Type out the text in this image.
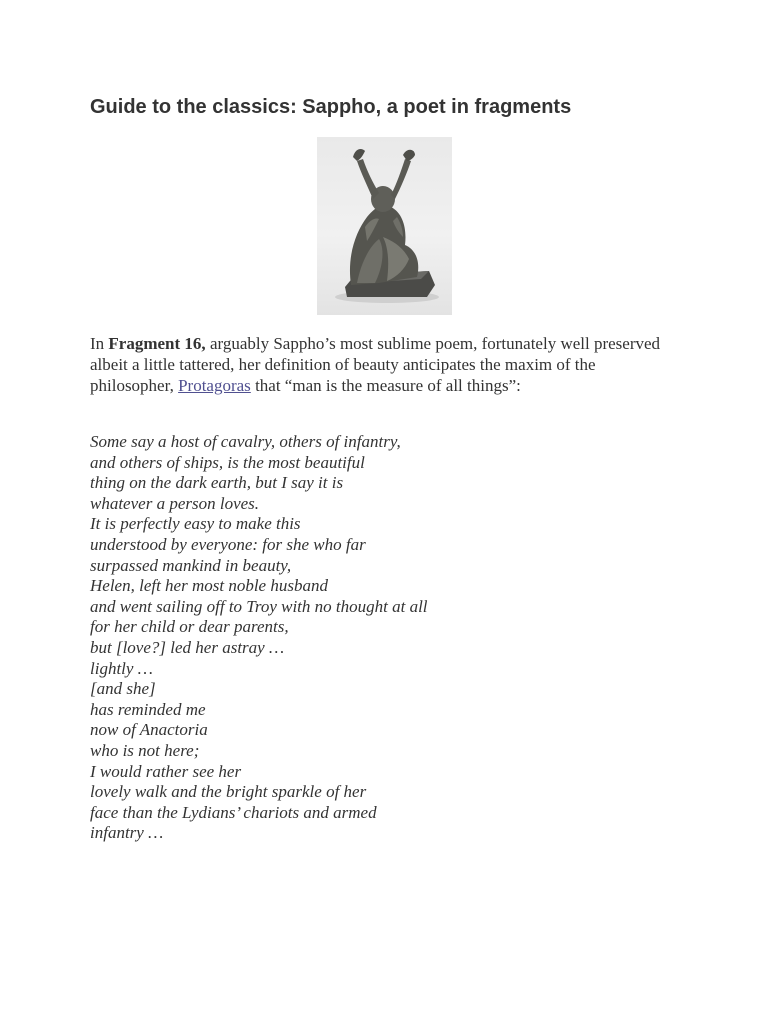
Guide to the classics: Sappho, a poet in fragments

In Fragment 16, arguably Sappho’s most sublime poem, fortunately well preserved albeit a little tattered, her definition of beauty anticipates the maxim of the philosopher, Protagoras that “man is the measure of all things”:

Some say a host of cavalry, others of infantry,
and others of ships, is the most beautiful
thing on the dark earth, but I say it is
whatever a person loves.
It is perfectly easy to make this
understood by everyone: for she who far
surpassed mankind in beauty,
Helen, left her most noble husband
and went sailing off to Troy with no thought at all
for her child or dear parents,
but [love?] led her astray …
lightly …
[and she]
has reminded me
now of Anactoria
who is not here;
I would rather see her
lovely walk and the bright sparkle of her
face than the Lydians’ chariots and armed
infantry …
